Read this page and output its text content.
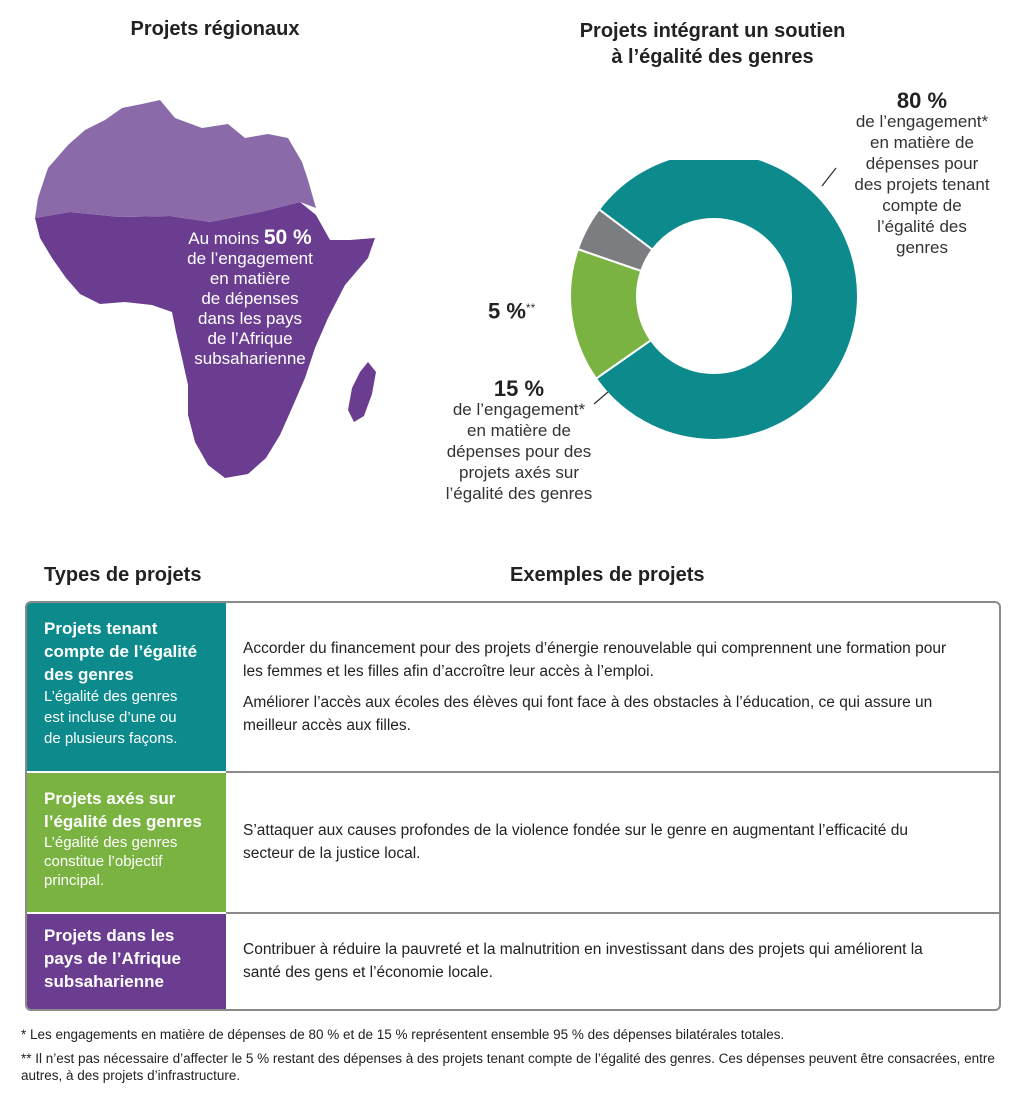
Projets régionaux
Au moins 50 %
de l’engagement
en matière
de dépenses
dans les pays
de l’Afrique
subsaharienne
Projets intégrant un soutien
à l’égalité des genres
80 %
de l’engagement*
en matière de
dépenses pour
des projets tenant
compte de
l’égalité des
genres
5 %**
15 %
de l’engagement*
en matière de
dépenses pour des
projets axés sur
l’égalité des genres
Types de projets	Exemples de projets
Projets tenant
compte de l’égalité
des genres
L’égalité des genres
est incluse d’une ou
de plusieurs façons.

Accorder du financement pour des projets d’énergie renouvelable qui comprennent une formation pour les femmes et les filles afin d’accroître leur accès à l’emploi.

Améliorer l’accès aux écoles des élèves qui font face à des obstacles à l’éducation, ce qui assure un meilleur accès aux filles.

Projets axés sur
l’égalité des genres
L’égalité des genres
constitue l’objectif
principal.

S’attaquer aux causes profondes de la violence fondée sur le genre en augmentant l’efficacité du secteur de la justice local.

Projets dans les
pays de l’Afrique
subsaharienne

Contribuer à réduire la pauvreté et la malnutrition en investissant dans des projets qui améliorent la santé des gens et l’économie locale.

* Les engagements en matière de dépenses de 80 % et de 15 % représentent ensemble 95 % des dépenses bilatérales totales.
** Il n’est pas nécessaire d’affecter le 5 % restant des dépenses à des projets tenant compte de l’égalité des genres. Ces dépenses peuvent être consacrées, entre autres, à des projets d’infrastructure.
